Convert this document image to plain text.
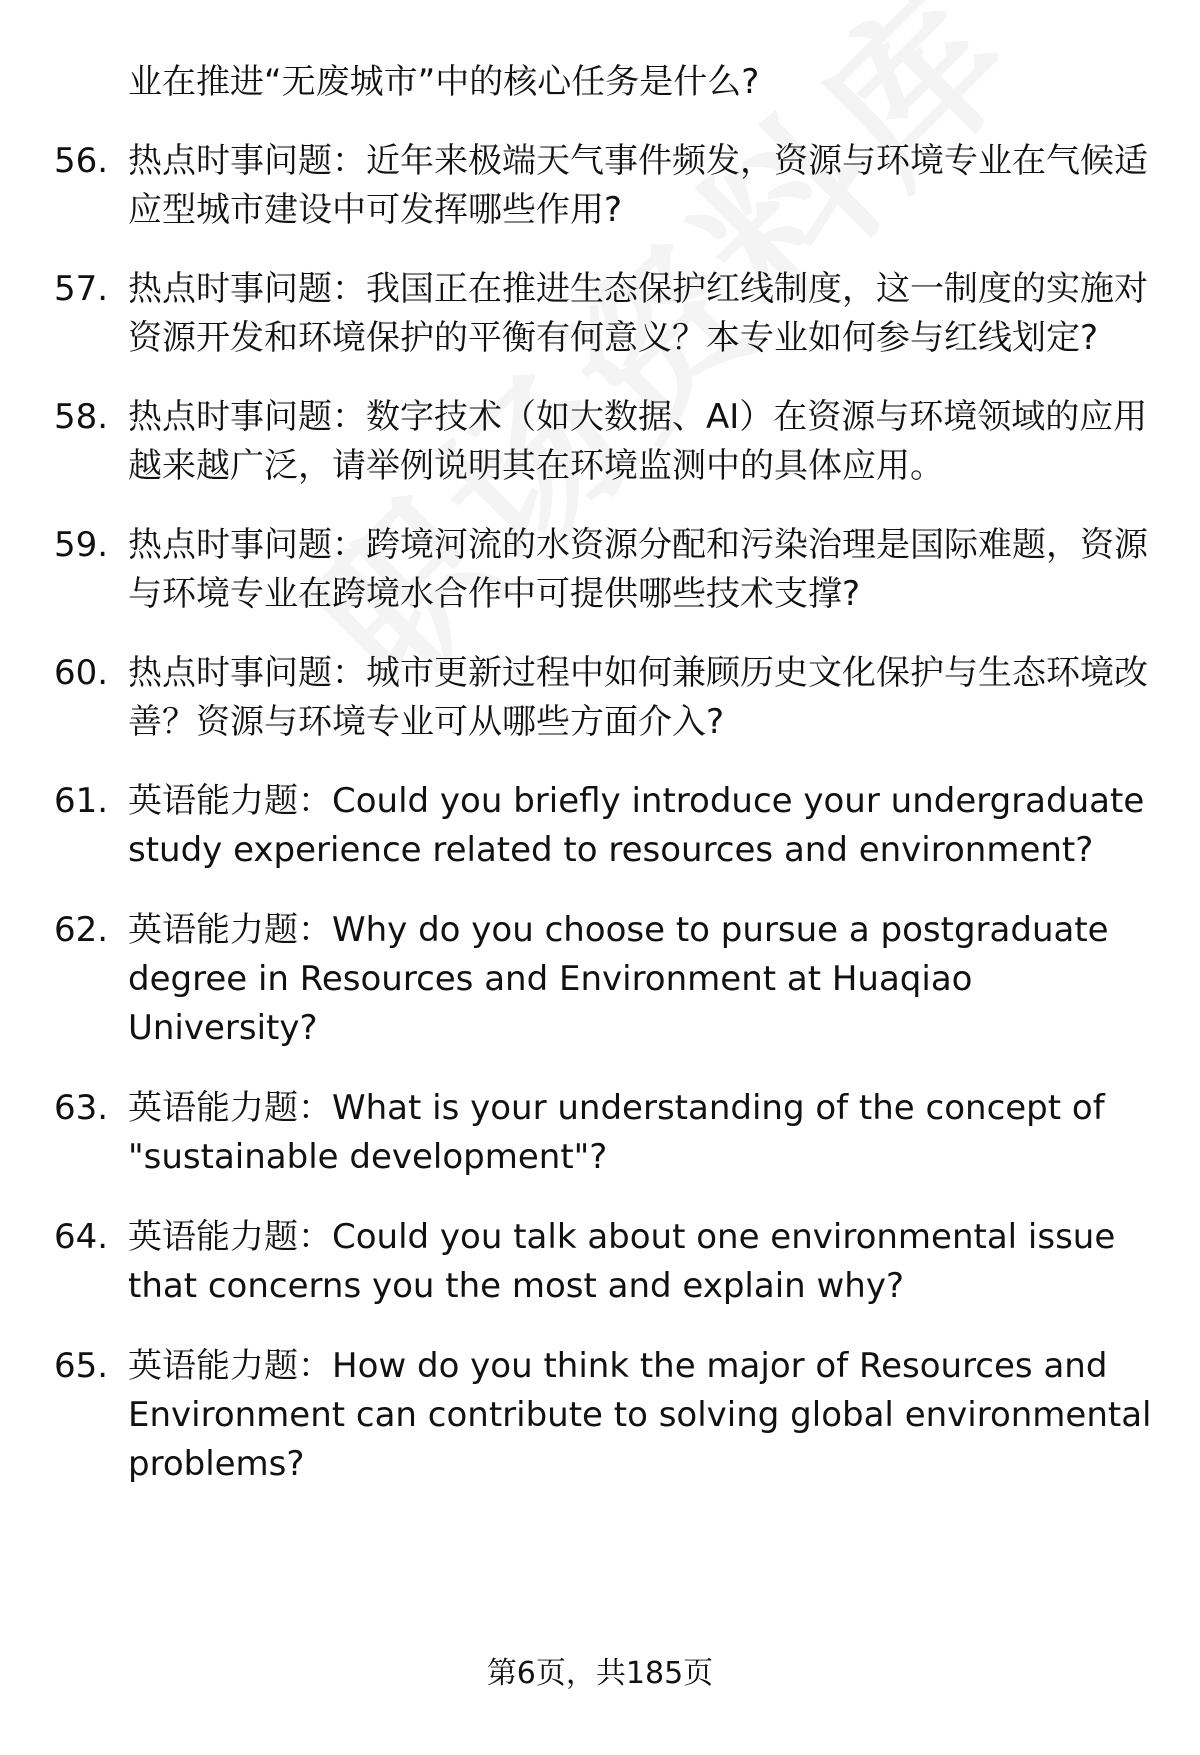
业在推进“无废城市”中的核心任务是什么?
56. 热点时事问题：近年来极端天气事件频发，资源与环境专业在气候适应型城市建设中可发挥哪些作用?
57. 热点时事问题：我国正在推进生态保护红线制度，这一制度的实施对资源开发和环境保护的平衡有何意义？本专业如何参与红线划定?
58. 热点时事问题：数字技术（如大数据、AI）在资源与环境领域的应用越来越广泛，请举例说明其在环境监测中的具体应用。
59. 热点时事问题：跨境河流的水资源分配和污染治理是国际难题，资源与环境专业在跨境水合作中可提供哪些技术支撑?
60. 热点时事问题：城市更新过程中如何兼顾历史文化保护与生态环境改善？资源与环境专业可从哪些方面介入?
61. 英语能力题：Could you briefly introduce your undergraduate study experience related to resources and environment?
62. 英语能力题：Why do you choose to pursue a postgraduate degree in Resources and Environment at Huaqiao University?
63. 英语能力题：What is your understanding of the concept of "sustainable development"?
64. 英语能力题：Could you talk about one environmental issue that concerns you the most and explain why?
65. 英语能力题：How do you think the major of Resources and Environment can contribute to solving global environmental problems?
第6页，共185页
